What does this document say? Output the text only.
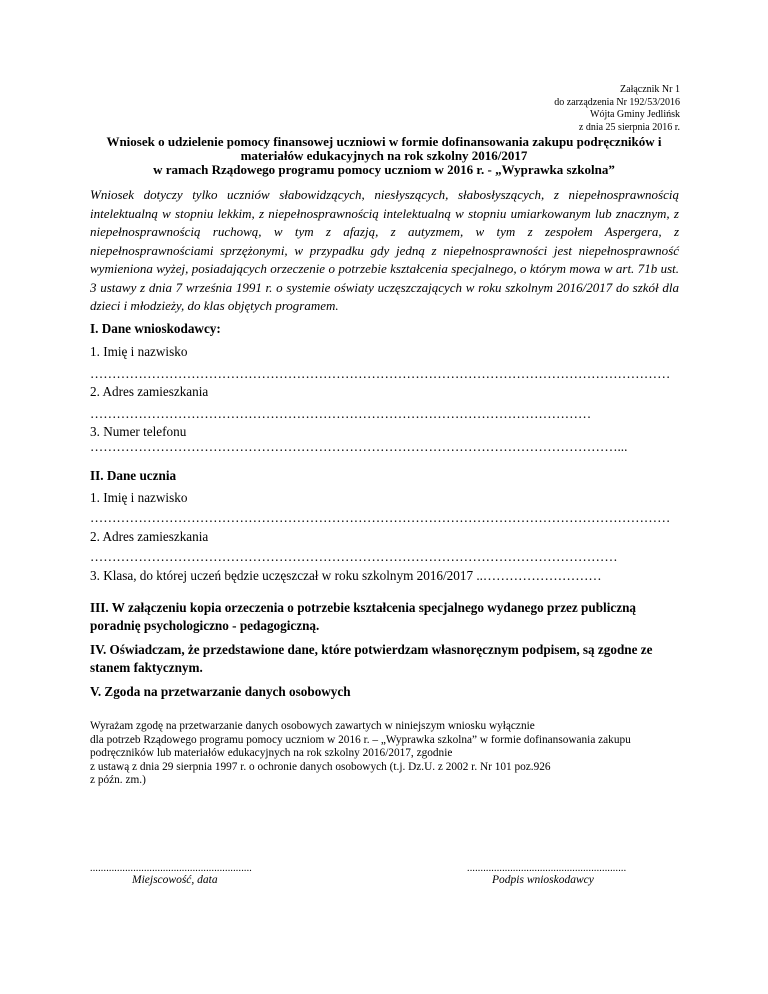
Załącznik Nr 1
do zarządzenia Nr 192/53/2016
Wójta Gminy Jedlińsk
z dnia 25 sierpnia 2016 r.
Wniosek o udzielenie pomocy finansowej uczniowi w formie dofinansowania zakupu podręczników i
materiałów edukacyjnych na rok szkolny 2016/2017
w ramach Rządowego programu pomocy uczniom w 2016 r. - „Wyprawka szkolna”
Wniosek dotyczy tylko uczniów słabowidzących, niesłyszących, słabosłyszących, z niepełnosprawnością intelektualną w stopniu lekkim, z niepełnosprawnością intelektualną w stopniu umiarkowanym lub znacznym, z niepełnosprawnością ruchową, w tym z afazją, z autyzmem, w tym z zespołem Aspergera, z niepełnosprawnościami sprzężonymi, w przypadku gdy jedną z niepełnosprawności jest niepełnosprawność wymieniona wyżej, posiadających orzeczenie o potrzebie kształcenia specjalnego, o którym mowa w art. 71b ust. 3 ustawy z dnia 7 września 1991 r. o systemie oświaty uczęszczających w roku szkolnym 2016/2017 do szkół dla dzieci i młodzieży, do klas objętych programem.
I. Dane wnioskodawcy:
1. Imię i nazwisko
……………………………………………………………………………………………………………………
2. Adres zamieszkania
……………………………………………………………………………………………………
3. Numer telefonu
…………………………………………………………………………………………………………...
II. Dane ucznia
1. Imię i nazwisko
……………………………………………………………………………………………………………………
2. Adres zamieszkania
…………………………………………………………………………………………………………
3. Klasa, do której uczeń będzie uczęszczał w roku szkolnym 2016/2017 ..………………………
III. W załączeniu kopia orzeczenia o potrzebie kształcenia specjalnego wydanego przez publiczną poradnię psychologiczno - pedagogiczną.
IV. Oświadczam, że przedstawione dane, które potwierdzam własnoręcznym podpisem, są zgodne ze stanem faktycznym.
V. Zgoda na przetwarzanie danych osobowych
Wyrażam zgodę na przetwarzanie danych osobowych zawartych w niniejszym wniosku wyłącznie
dla potrzeb Rządowego programu pomocy uczniom w 2016 r. – „Wyprawka szkolna” w formie dofinansowania zakupu
podręczników lub materiałów edukacyjnych na rok szkolny 2016/2017, zgodnie
z ustawą z dnia 29 sierpnia 1997 r. o ochronie danych osobowych (t.j. Dz.U. z 2002 r. Nr 101 poz.926
z późn. zm.)
............................................................
Miejscowość, data
...........................................................
Podpis wnioskodawcy
